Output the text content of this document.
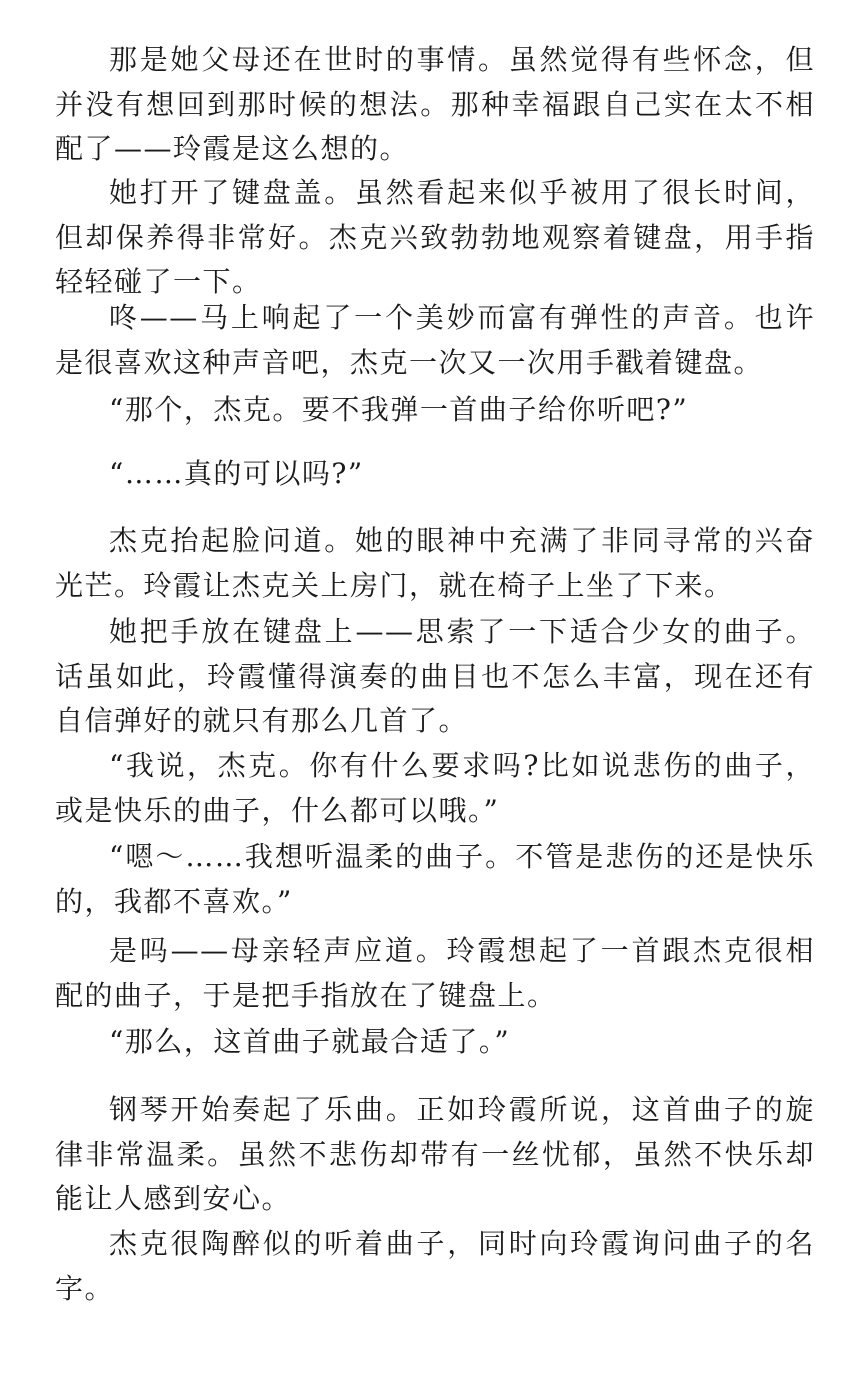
那是她父母还在世时的事情。虽然觉得有些怀念，但并没有想回到那时候的想法。那种幸福跟自己实在太不相配了——玲霞是这么想的。

她打开了键盘盖。虽然看起来似乎被用了很长时间，但却保养得非常好。杰克兴致勃勃地观察着键盘，用手指轻轻碰了一下。

咚——马上响起了一个美妙而富有弹性的声音。也许是很喜欢这种声音吧，杰克一次又一次用手戳着键盘。

“那个，杰克。要不我弹一首曲子给你听吧?”

“……真的可以吗?”

杰克抬起脸问道。她的眼神中充满了非同寻常的兴奋光芒。玲霞让杰克关上房门，就在椅子上坐了下来。

她把手放在键盘上——思索了一下适合少女的曲子。话虽如此，玲霞懂得演奏的曲目也不怎么丰富，现在还有自信弹好的就只有那么几首了。

“我说，杰克。你有什么要求吗?比如说悲伤的曲子，或是快乐的曲子，什么都可以哦。”

“嗯～……我想听温柔的曲子。不管是悲伤的还是快乐的，我都不喜欢。”

是吗——母亲轻声应道。玲霞想起了一首跟杰克很相配的曲子，于是把手指放在了键盘上。

“那么，这首曲子就最合适了。”

钢琴开始奏起了乐曲。正如玲霞所说，这首曲子的旋律非常温柔。虽然不悲伤却带有一丝忧郁，虽然不快乐却能让人感到安心。

杰克很陶醉似的听着曲子，同时向玲霞询问曲子的名字。
